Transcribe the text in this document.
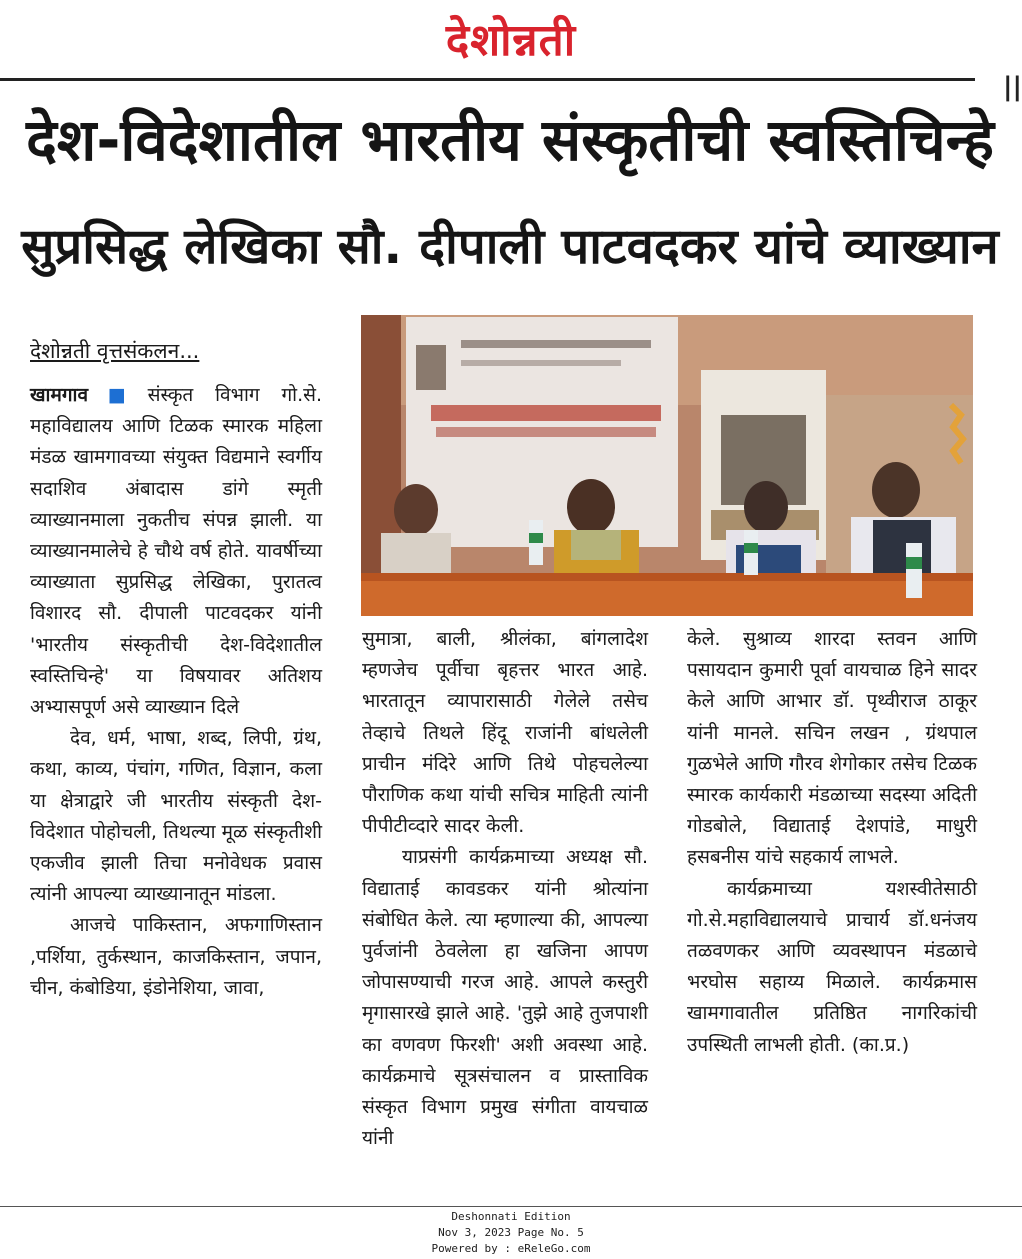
देशोन्नती
||
देश-विदेशातील भारतीय संस्कृतीची स्वस्तिचिन्हे
सुप्रसिद्ध लेखिका सौ. दीपाली पाटवदकर यांचे व्याख्यान
देशोन्नती वृत्तसंकलन...

खामगाव ■ संस्कृत विभाग गो.से. महाविद्यालय आणि टिळक स्मारक महिला मंडळ खामगावच्या संयुक्त विद्यमाने स्वर्गीय सदाशिव अंबादास डांगे स्मृती व्याख्यानमाला नुकतीच संपन्न झाली. या व्याख्यानमालेचे हे चौथे वर्ष होते. यावर्षीच्या व्याख्याता सुप्रसिद्ध लेखिका, पुरातत्व विशारद सौ. दीपाली पाटवदकर यांनी 'भारतीय संस्कृतीची देश-विदेशातील स्वस्तिचिन्हे' या विषयावर अतिशय अभ्यासपूर्ण असे व्याख्यान दिले

देव, धर्म, भाषा, शब्द, लिपी, ग्रंथ, कथा, काव्य, पंचांग, गणित, विज्ञान, कला या क्षेत्राद्वारे जी भारतीय संस्कृती देश-विदेशात पोहोचली, तिथल्या मूळ संस्कृतीशी एकजीव झाली तिचा मनोवेधक प्रवास त्यांनी आपल्या व्याख्यानातून मांडला.

आजचे पाकिस्तान, अफगाणिस्तान ,पर्शिया, तुर्कस्थान, काजकिस्तान, जपान, चीन, कंबोडिया, इंडोनेशिया, जावा,

सुमात्रा, बाली, श्रीलंका, बांगलादेश म्हणजेच पूर्वीचा बृहत्तर भारत आहे. भारतातून व्यापारासाठी गेलेले तसेच तेव्हाचे तिथले हिंदू राजांनी बांधलेली प्राचीन मंदिरे आणि तिथे पोहचलेल्या पौराणिक कथा यांची सचित्र माहिती त्यांनी पीपीटीव्दारे सादर केली.

याप्रसंगी कार्यक्रमाच्या अध्यक्ष सौ. विद्याताई कावडकर यांनी श्रोत्यांना संबोधित केले. त्या म्हणाल्या की, आपल्या पुर्वजांनी ठेवलेला हा खजिना आपण जोपासण्याची गरज आहे. आपले कस्तुरी मृगासारखे झाले आहे. 'तुझे आहे तुजपाशी का वणवण फिरशी' अशी अवस्था आहे. कार्यक्रमाचे सूत्रसंचालन व प्रास्ताविक संस्कृत विभाग प्रमुख संगीता वायचाळ यांनी

केले. सुश्राव्य शारदा स्तवन आणि पसायदान कुमारी पूर्वा वायचाळ हिने सादर केले आणि आभार डॉ. पृथ्वीराज ठाकूर यांनी मानले. सचिन लखन , ग्रंथपाल गुळभेले आणि गौरव शेगोकार तसेच टिळक स्मारक कार्यकारी मंडळाच्या सदस्या अदिती गोडबोले, विद्याताई देशपांडे, माधुरी हसबनीस यांचे सहकार्य लाभले.

कार्यक्रमाच्या यशस्वीतेसाठी गो.से.महाविद्यालयाचे प्राचार्य डॉ.धनंजय तळवणकर आणि व्यवस्थापन मंडळाचे भरघोस सहाय्य मिळाले. कार्यक्रमास खामगावातील प्रतिष्ठित नागरिकांची उपस्थिती लाभली होती. (का.प्र.)

Deshonnati Edition
Nov 3, 2023 Page No. 5
Powered by : eReleGo.com
